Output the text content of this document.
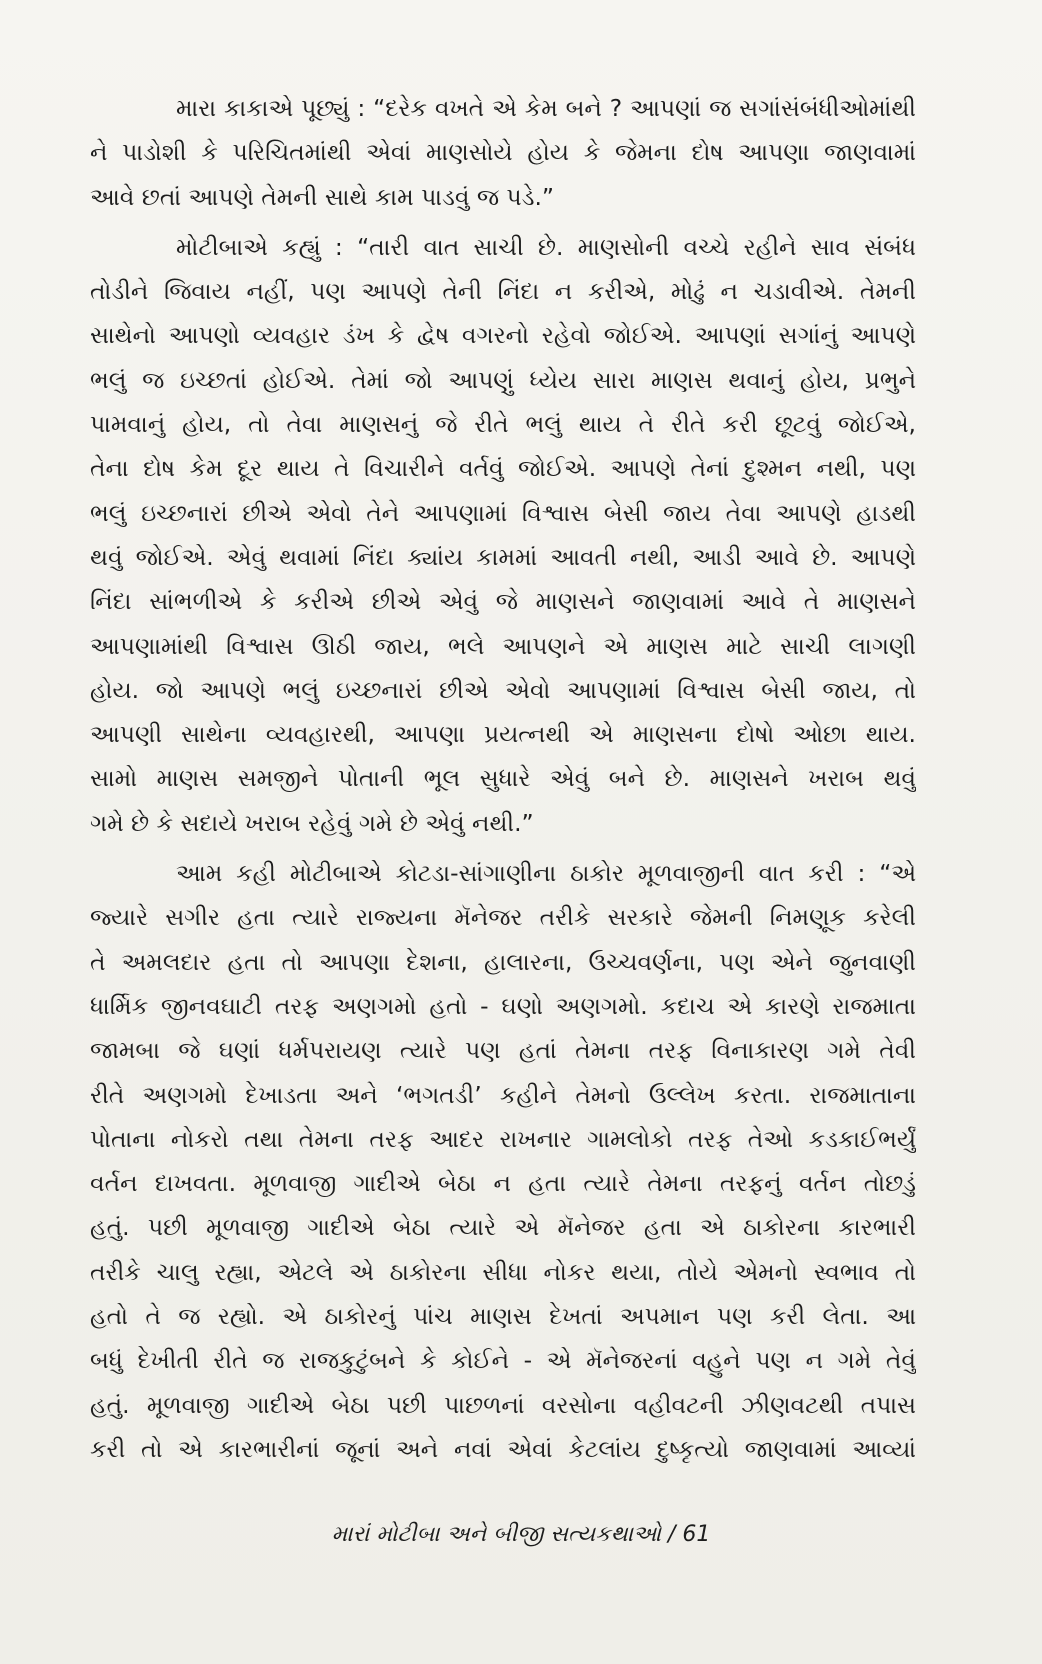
મારા કાકાએ પૂછ્યું : “દરેક વખતે એ કેમ બને ? આપણાં જ સગાંસંબંધીઓમાંથી
ને પાડોશી કે પરિચિતમાંથી એવાં માણસોયે હોય કે જેમના દોષ આપણા જાણવામાં
આવે છતાં આપણે તેમની સાથે કામ પાડવું જ પડે.”
મોટીબાએ કહ્યું : “તારી વાત સાચી છે. માણસોની વચ્ચે રહીને સાવ સંબંધ
તોડીને જિવાય નહીં, પણ આપણે તેની નિંદા ન કરીએ, મોઢું ન ચડાવીએ. તેમની
સાથેનો આપણો વ્યવહાર ડંખ કે દ્વેષ વગરનો રહેવો જોઈએ. આપણાં સગાંનું આપણે
ભલું જ ઇચ્છતાં હોઈએ. તેમાં જો આપણું ધ્યેય સારા માણસ થવાનું હોય, પ્રભુને
પામવાનું હોય, તો તેવા માણસનું જે રીતે ભલું થાય તે રીતે કરી છૂટવું જોઈએ,
તેના દોષ કેમ દૂર થાય તે વિચારીને વર્તવું જોઈએ. આપણે તેનાં દુશ્મન નથી, પણ
ભલું ઇચ્છનારાં છીએ એવો તેને આપણામાં વિશ્વાસ બેસી જાય તેવા આપણે હાડથી
થવું જોઈએ. એવું થવામાં નિંદા ક્યાંય કામમાં આવતી નથી, આડી આવે છે. આપણે
નિંદા સાંભળીએ કે કરીએ છીએ એવું જે માણસને જાણવામાં આવે તે માણસને
આપણામાંથી વિશ્વાસ ઊઠી જાય, ભલે આપણને એ માણસ માટે સાચી લાગણી
હોય. જો આપણે ભલું ઇચ્છનારાં છીએ એવો આપણામાં વિશ્વાસ બેસી જાય, તો
આપણી સાથેના વ્યવહારથી, આપણા પ્રયત્નથી એ માણસના દોષો ઓછા થાય.
સામો માણસ સમજીને પોતાની ભૂલ સુધારે એવું બને છે. માણસને ખરાબ થવું
ગમે છે કે સદાયે ખરાબ રહેવું ગમે છે એવું નથી.”
આમ કહી મોટીબાએ કોટડા-સાંગાણીના ઠાકોર મૂળવાજીની વાત કરી : “એ
જ્યારે સગીર હતા ત્યારે રાજ્યના મૅનેજર તરીકે સરકારે જેમની નિમણૂક કરેલી
તે અમલદાર હતા તો આપણા દેશના, હાલારના, ઉચ્ચવર્ણના, પણ એને જુનવાણી
ધાર્મિક જીનવઘાટી તરફ અણગમો હતો - ઘણો અણગમો. કદાચ એ કારણે રાજમાતા
જામબા જે ઘણાં ધર્મપરાયણ ત્યારે પણ હતાં તેમના તરફ વિનાકારણ ગમે તેવી
રીતે અણગમો દેખાડતા અને ‘ભગતડી’ કહીને તેમનો ઉલ્લેખ કરતા. રાજમાતાના
પોતાના નોકરો તથા તેમના તરફ આદર રાખનાર ગામલોકો તરફ તેઓ કડકાઈભર્યું
વર્તન દાખવતા. મૂળવાજી ગાદીએ બેઠા ન હતા ત્યારે તેમના તરફનું વર્તન તોછડું
હતું. પછી મૂળવાજી ગાદીએ બેઠા ત્યારે એ મૅનેજર હતા એ ઠાકોરના કારભારી
તરીકે ચાલુ રહ્યા, એટલે એ ઠાકોરના સીધા નોકર થયા, તોયે એમનો સ્વભાવ તો
હતો તે જ રહ્યો. એ ઠાકોરનું પાંચ માણસ દેખતાં અપમાન પણ કરી લેતા. આ
બધું દેખીતી રીતે જ રાજકુટુંબને કે કોઈને - એ મૅનેજરનાં વહુને પણ ન ગમે તેવું
હતું. મૂળવાજી ગાદીએ બેઠા પછી પાછળનાં વરસોના વહીવટની ઝીણવટથી તપાસ
કરી તો એ કારભારીનાં જૂનાં અને નવાં એવાં કેટલાંય દુષ્કૃત્યો જાણવામાં આવ્યાં
મારાં મોટીબા અને બીજી સત્યકથાઓ / 61
